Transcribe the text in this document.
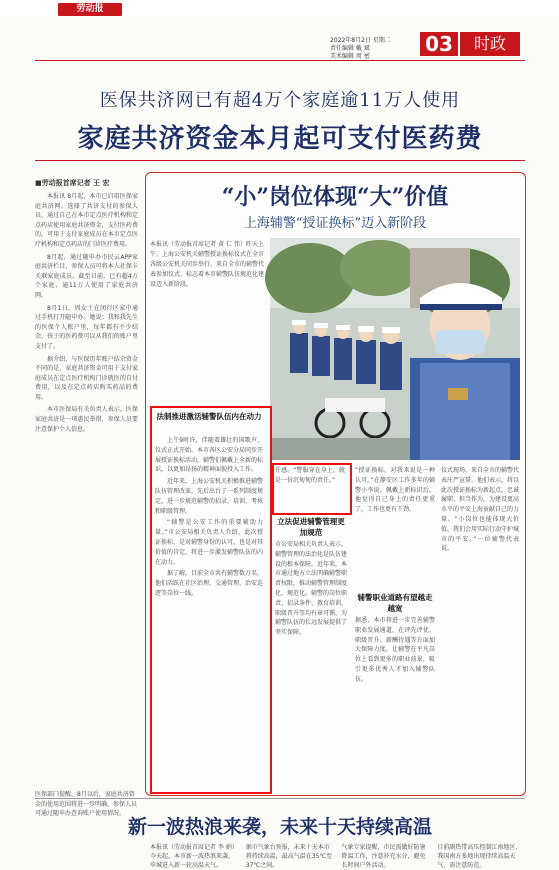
劳动报
2022年8月2日 星期二
责任编辑 戴 斌
美术编辑 周 密
03	时政
医保共济网已有超4万个家庭逾11万人使用
家庭共济资金本月起可支付医药费
■劳动报首席记者 王 宏

本报讯 8月起，本市已启用医保家庭共济网。选择了共济支付的参保人员，通过自己在本市定点医疗机构和定点药店使用家庭共济资金，支付医药费的，可用于支付家庭成员在本市定点医疗机构和定点药店的门诊医疗费用。

8月起，通过随申办市民云APP家庭共济栏目，参保人员可将本人社保卡关联家庭成员。截至目前，已有超4万个家庭、逾11万人使用了家庭共济网。

8月1日，周女士在闵行区家中通过手机打开随申办。她说：我和我先生的医保个人账户里，每年都有不少结余，孩子的医药费可以从我们的账户里支付了。

据介绍，与医保历年账户结余资金不同的是，家庭共济资金可用于支付家庭成员在定点医疗机构门诊就医的自付费用，以及在定点药店购买药品的费用。

本市医保局有关负责人表示，医保家庭共济是一项惠民举措，参保人员要注意保护个人信息。

医保部门提醒，8月以后，家庭共济资金的使用范围将进一步明确，参保人员可通过随申办查询账户使用情况。
“小”岗位体现“大”价值
上海辅警“授证换标”迈入新阶段
本报讯（劳动报首席记者 黄 仁 伟）昨天上午，上海公安机关辅警授证换标仪式在全市各级公安机关同步举行。来自全市的辅警代表参加仪式，标志着本市辅警队伍规范化建设迈入新阶段。
法制推进激活辅警队伍内在动力

上午9时许，伴随着雄壮的国歌声，仪式正式开始。本市各区公安分局同步开展授证换标活动，辅警们佩戴上全新的标识，以更加昂扬的精神面貌投入工作。

近年来，上海公安机关积极推进辅警队伍管理改革，先后出台了一系列制度规定，进一步规范辅警的招录、培训、考核和职级管理。

“辅警是公安工作的重要辅助力量。”市公安局相关负责人介绍，此次授证换标，是对辅警身份的认可，也是对其价值的肯定，将进一步激发辅警队伍的内在动力。

据了解，目前全市共有辅警数万名，他们活跃在社区治理、交通管理、治安巡逻等岗位一线。

任感。“警服穿在身上，就是一份沉甸甸的责任。”
立法促进辅警管理更加规范
市公安局相关负责人表示，辅警管理的法治化是队伍建设的根本保障。近年来，本市通过地方立法明确辅警职责权限，推动辅警管理制度化、规范化。辅警的岗位职责、招录条件、教育培训、职级晋升等均有章可循，为辅警队伍的长远发展提供了坚实保障。
“授证换标，对我来说是一种认可。”在静安区工作多年的辅警小李说。佩戴上新标识后，他觉得自己身上的责任更重了，工作也更有干劲。
辅警职业道路有望越走越宽
据悉，本市将进一步完善辅警职业发展通道，在评先评优、职级晋升、薪酬待遇等方面加大保障力度，让辅警在平凡岗位上看到更多的职业前景，吸引更多优秀人才加入辅警队伍。
仪式现场，来自全市的辅警代表庄严宣誓。他们表示，将以此次授证换标为新起点，忠诚履职、担当作为，为建设更高水平的平安上海贡献自己的力量。“小岗位也能体现大价值，我们会用实际行动守护城市的平安。”一位辅警代表说。
新一波热浪来袭，未来十天持续高温
本报讯（劳动报首席记者 李 娟）今天起，本市新一波热浪来袭，申城进入新一轮高温天气。
据市气象台预报，未来十天本市将持续高温，最高气温在35℃至37℃之间。
气象专家提醒，市民需做好防暑降温工作，注意补充水分，避免长时间户外活动。
目前副热带高压控制江南地区，我国南方多地出现持续高温天气，需注意防范。
